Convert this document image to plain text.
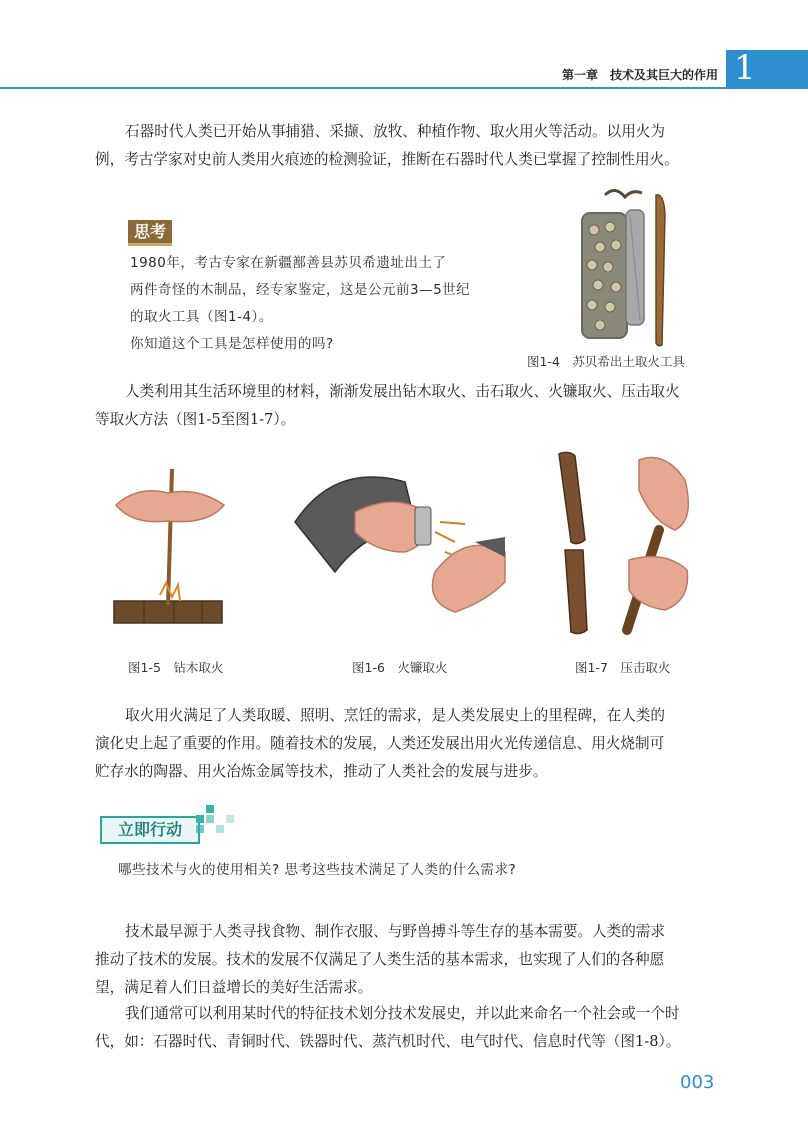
第一章　技术及其巨大的作用 1
石器时代人类已开始从事捕猎、采撷、放牧、种植作物、取火用火等活动。以用火为
例，考古学家对史前人类用火痕迹的检测验证，推断在石器时代人类已掌握了控制性用火。
思考

1980年，考古专家在新疆鄯善县苏贝希遗址出土了

两件奇怪的木制品，经专家鉴定，这是公元前3—5世纪

的取火工具（图1-4）。

你知道这个工具是怎样使用的吗?

图1-4　苏贝希出土取火工具
人类利用其生活环境里的材料，渐渐发展出钻木取火、击石取火、火镰取火、压击取火
等取火方法（图1-5至图1-7）。
图1-5　钻木取火	图1-6　火镰取火	图1-7　压击取火
取火用火满足了人类取暖、照明、烹饪的需求，是人类发展史上的里程碑，在人类的
演化史上起了重要的作用。随着技术的发展，人类还发展出用火光传递信息、用火烧制可
贮存水的陶器、用火冶炼金属等技术，推动了人类社会的发展与进步。
立即行动
哪些技术与火的使用相关? 思考这些技术满足了人类的什么需求?
技术最早源于人类寻找食物、制作衣服、与野兽搏斗等生存的基本需要。人类的需求
推动了技术的发展。技术的发展不仅满足了人类生活的基本需求，也实现了人们的各种愿
望，满足着人们日益增长的美好生活需求。
我们通常可以利用某时代的特征技术划分技术发展史，并以此来命名一个社会或一个时
代，如：石器时代、青铜时代、铁器时代、蒸汽机时代、电气时代、信息时代等（图1-8）。
003
